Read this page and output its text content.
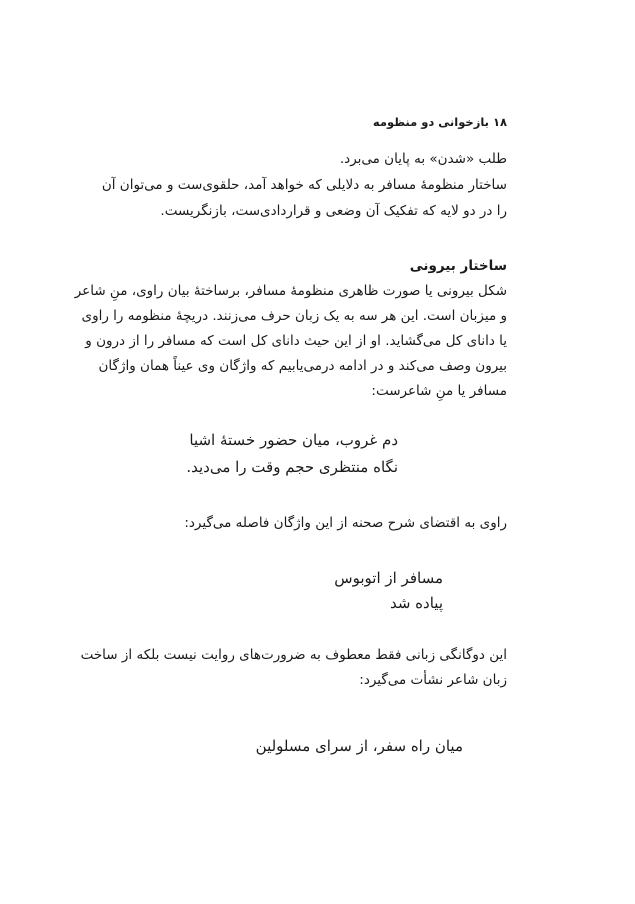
۱۸ بازخوانی دو منظومه
طلب «شدن» به پایان می‌برد.
ساختار منظومهٔ مسافر به دلایلی که خواهد آمد، حلقوی‌ست و می‌توان آن
را در دو لایه که تفکیک آن وضعی و قراردادی‌ست، بازنگریست.
ساختار بیرونی
شکل بیرونی یا صورت ظاهری منظومهٔ مسافر، برساختهٔ بیان راوی، منِ شاعر
و میزبان است. این هر سه به یک زبان حرف می‌زنند. دریچهٔ منظومه را راوی
یا دانای کل می‌گشاید. او از این حیث دانای کل است که مسافر را از درون و
بیرون وصف می‌کند و در ادامه درمی‌یابیم که واژگان وی عیناً همان واژگان
مسافر یا منِ شاعرست:
دم غروب، میان حضور خستهٔ اشیا
نگاه منتظری حجم وقت را می‌دید.
راوی به اقتضای شرح صحنه از این واژگان فاصله می‌گیرد:
مسافر از اتوبوس
پیاده شد
این دوگانگی زبانی فقط معطوف به ضرورت‌های روایت نیست بلکه از ساخت
زبان شاعر نشأت می‌گیرد:
میان راه سفر، از سرای مسلولین
